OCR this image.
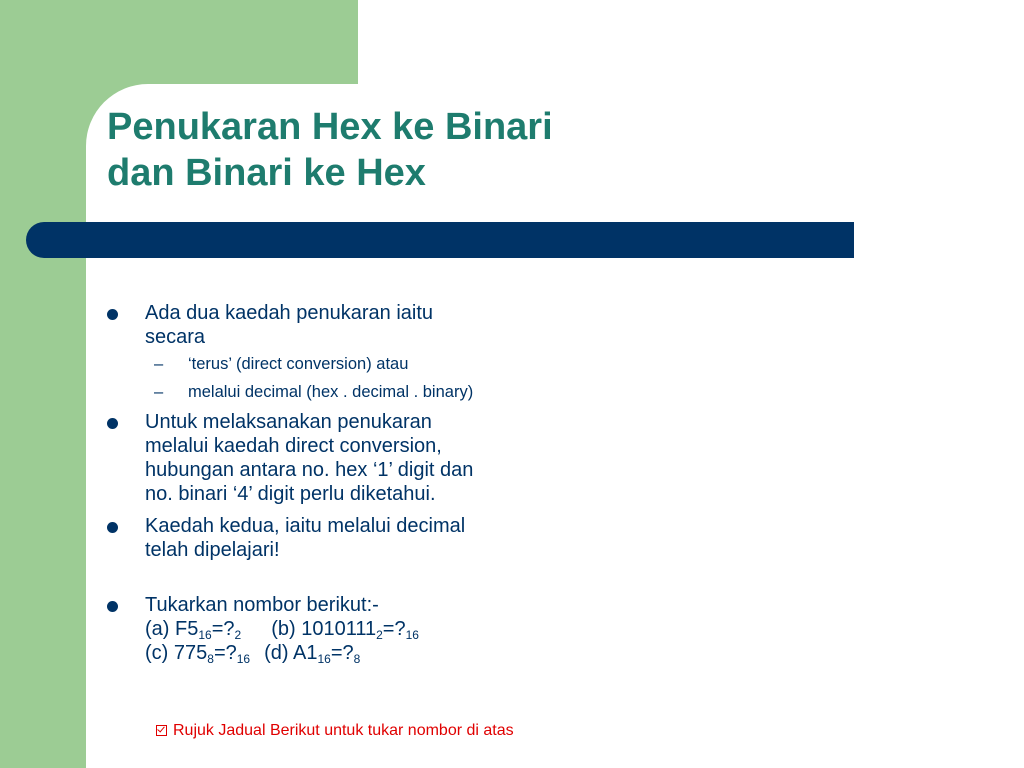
Penukaran Hex ke Binari
dan Binari ke Hex
Ada dua kaedah penukaran iaitu
secara
– ‘terus’ (direct conversion) atau
– melalui decimal (hex . decimal . binary)
Untuk melaksanakan penukaran
melalui kaedah direct conversion,
hubungan antara no. hex ‘1’ digit dan
no. binari ‘4’ digit perlu diketahui.
Kaedah kedua, iaitu melalui decimal
telah dipelajari!
Tukarkan nombor berikut:-
(a) $F5_{16}=?_2$ (b) $1010111_2=?_{16}$
(c) $775_8=?_{16}$ (d) $A1_{16}=?_8$
Rujuk Jadual Berikut untuk tukar nombor di atas
